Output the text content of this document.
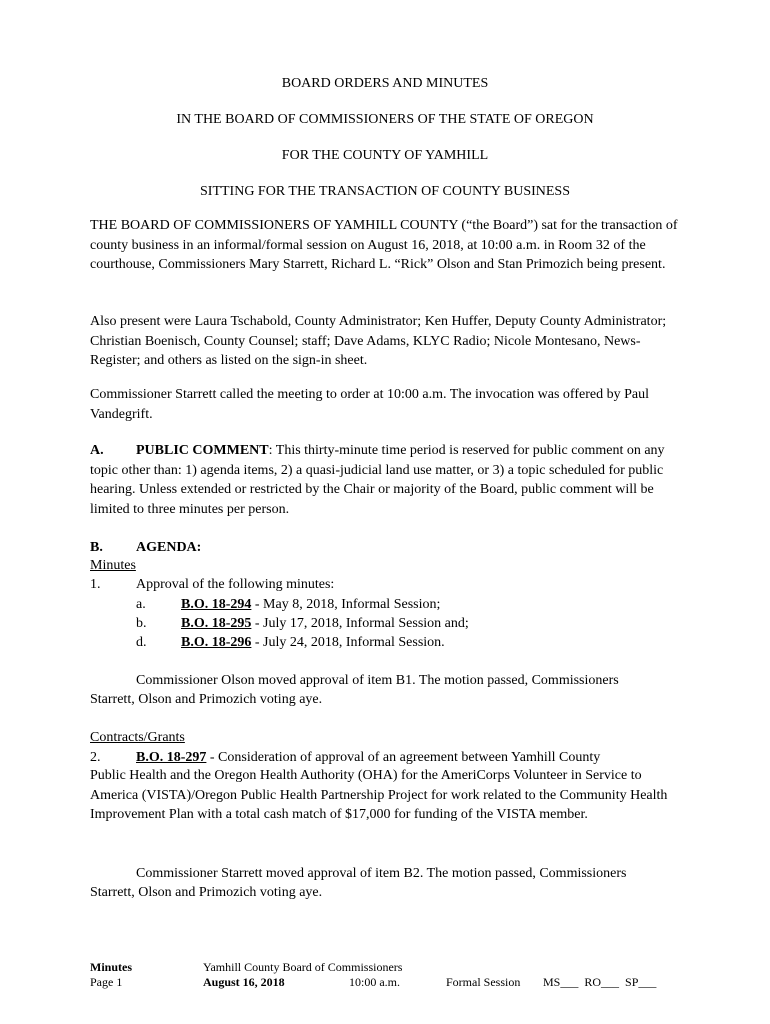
BOARD ORDERS AND MINUTES
IN THE BOARD OF COMMISSIONERS OF THE STATE OF OREGON
FOR THE COUNTY OF YAMHILL
SITTING FOR THE TRANSACTION OF COUNTY BUSINESS
THE BOARD OF COMMISSIONERS OF YAMHILL COUNTY (“the Board”) sat for the transaction of county business in an informal/formal session on August 16, 2018, at 10:00 a.m. in Room 32 of the courthouse, Commissioners Mary Starrett, Richard L. “Rick” Olson and Stan Primozich being present.
Also present were Laura Tschabold, County Administrator; Ken Huffer, Deputy County Administrator; Christian Boenisch, County Counsel; staff; Dave Adams, KLYC Radio; Nicole Montesano, News-Register; and others as listed on the sign-in sheet.
Commissioner Starrett called the meeting to order at 10:00 a.m. The invocation was offered by Paul Vandegrift.
A. PUBLIC COMMENT: This thirty-minute time period is reserved for public comment on any topic other than: 1) agenda items, 2) a quasi-judicial land use matter, or 3) a topic scheduled for public hearing. Unless extended or restricted by the Chair or majority of the Board, public comment will be limited to three minutes per person.
B. AGENDA:
Minutes
1.	Approval of the following minutes:
a.	B.O. 18-294 - May 8, 2018, Informal Session;
b. B.O. 18-295 - July 17, 2018, Informal Session and;
d. B.O. 18-296 - July 24, 2018, Informal Session.
Commissioner Olson moved approval of item B1. The motion passed, Commissioners
Starrett, Olson and Primozich voting aye.
Contracts/Grants
2.	B.O. 18-297 - Consideration of approval of an agreement between Yamhill County
Public Health and the Oregon Health Authority (OHA) for the AmeriCorps Volunteer in Service to America (VISTA)/Oregon Public Health Partnership Project for work related to the Community Health Improvement Plan with a total cash match of $17,000 for funding of the VISTA member.
Commissioner Starrett moved approval of item B2. The motion passed, Commissioners
Starrett, Olson and Primozich voting aye.
Minutes
Page 1
Yamhill County Board of Commissioners
August 16, 2018	10:00 a.m.	Formal Session MS___  RO___  SP___
